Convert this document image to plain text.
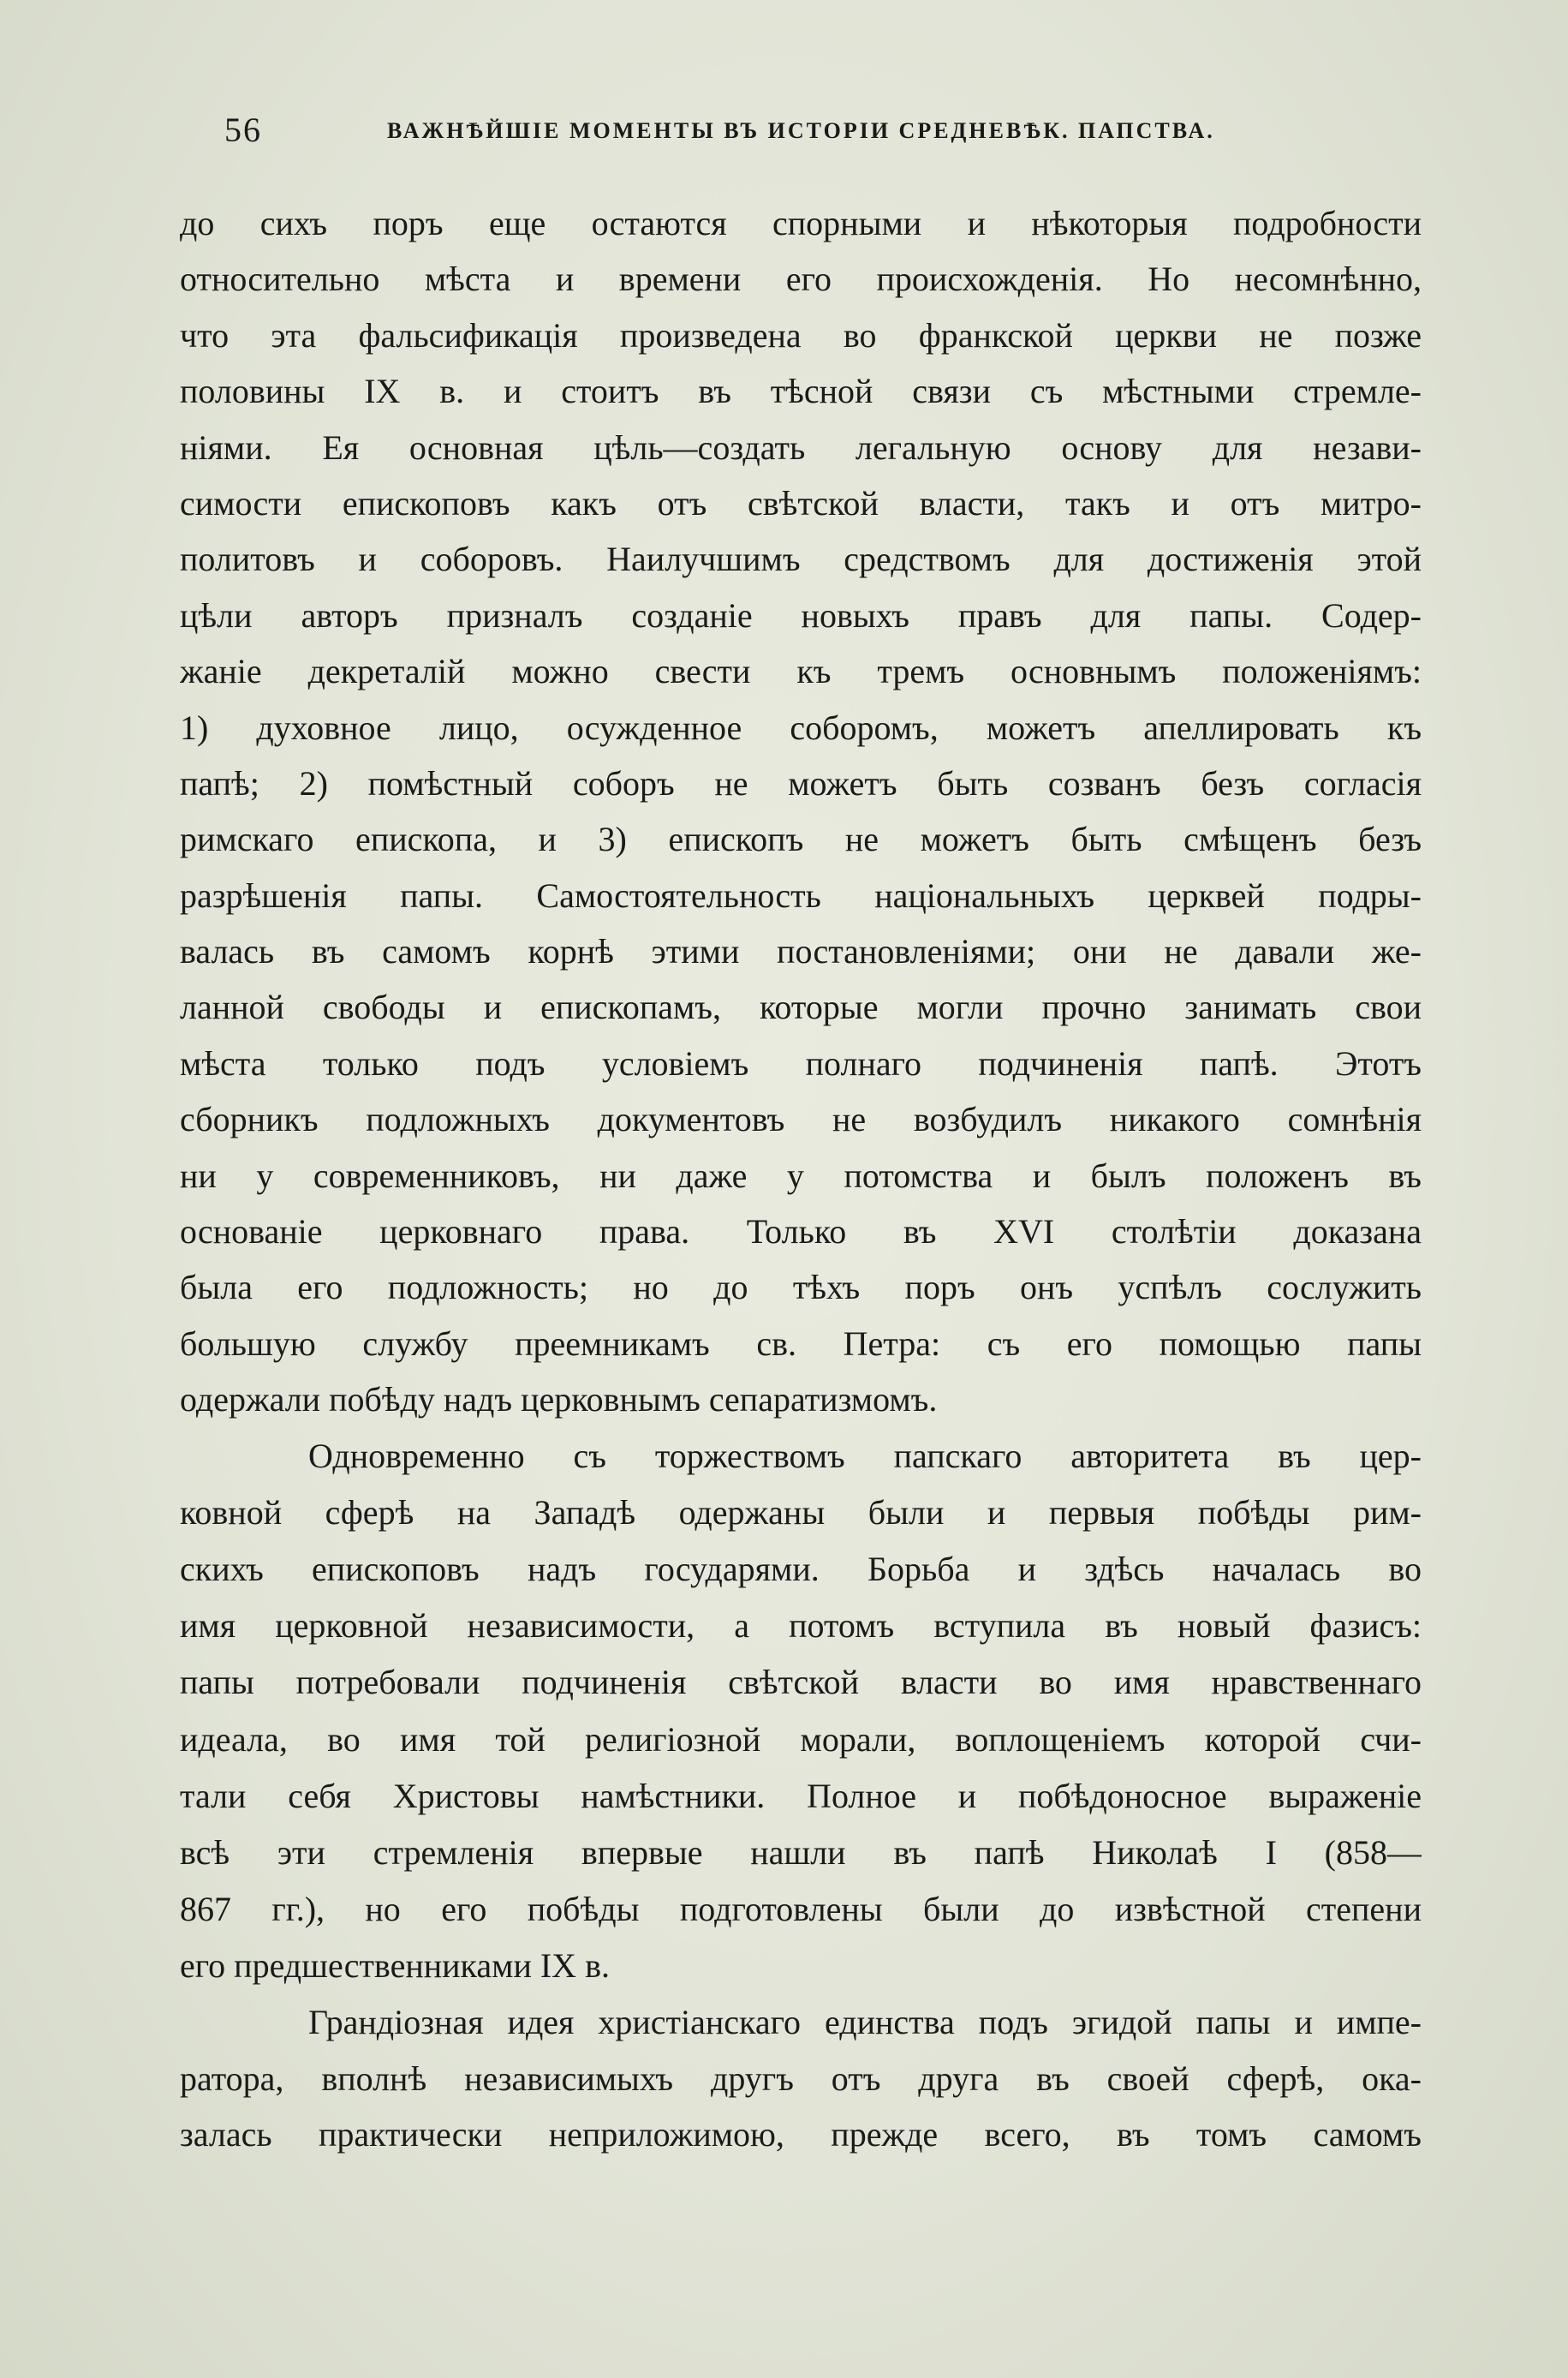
56	ВАЖНѢЙШІЕ МОМЕНТЫ ВЪ ИСТОРІИ СРЕДНЕВѢК. ПАПСТВА.
до сихъ поръ еще остаются спорными и нѣкоторыя подробности
относительно мѣста и времени его происхожденія. Но несомнѣнно,
что эта фальсификація произведена во франкской церкви не позже
половины IX в. и стоитъ въ тѣсной связи съ мѣстными стремле-
ніями. Ея основная цѣль—создать легальную основу для незави-
симости епископовъ какъ отъ свѣтской власти, такъ и отъ митро-
политовъ и соборовъ. Наилучшимъ средствомъ для достиженія этой
цѣли авторъ призналъ созданіе новыхъ правъ для папы. Содер-
жаніе декреталій можно свести къ тремъ основнымъ положеніямъ:
1) духовное лицо, осужденное соборомъ, можетъ апеллировать къ
папѣ; 2) помѣстный соборъ не можетъ быть созванъ безъ согласія
римскаго епископа, и 3) епископъ не можетъ быть смѣщенъ безъ
разрѣшенія папы. Самостоятельность національныхъ церквей подры-
валась въ самомъ корнѣ этими постановленіями; они не давали же-
ланной свободы и епископамъ, которые могли прочно занимать свои
мѣста только подъ условіемъ полнаго подчиненія папѣ. Этотъ
сборникъ подложныхъ документовъ не возбудилъ никакого сомнѣнія
ни у современниковъ, ни даже у потомства и былъ положенъ въ
основаніе церковнаго права. Только въ XVI столѣтіи доказана
была его подложность; но до тѣхъ поръ онъ успѣлъ сослужить
большую службу преемникамъ св. Петра: съ его помощью папы
одержали побѣду надъ церковнымъ сепаратизмомъ.
Одновременно съ торжествомъ папскаго авторитета въ цер-
ковной сферѣ на Западѣ одержаны были и первыя побѣды рим-
скихъ епископовъ надъ государями. Борьба и здѣсь началась во
имя церковной независимости, а потомъ вступила въ новый фазисъ:
папы потребовали подчиненія свѣтской власти во имя нравственнаго
идеала, во имя той религіозной морали, воплощеніемъ которой счи-
тали себя Христовы намѣстники. Полное и побѣдоносное выраженіе
всѣ эти стремленія впервые нашли въ папѣ Николаѣ I (858—
867 гг.), но его побѣды подготовлены были до извѣстной степени
его предшественниками IX в.
Грандіозная идея христіанскаго единства подъ эгидой папы и импе-
ратора, вполнѣ независимыхъ другъ отъ друга въ своей сферѣ, ока-
залась практически неприложимою, прежде всего, въ томъ самомъ
